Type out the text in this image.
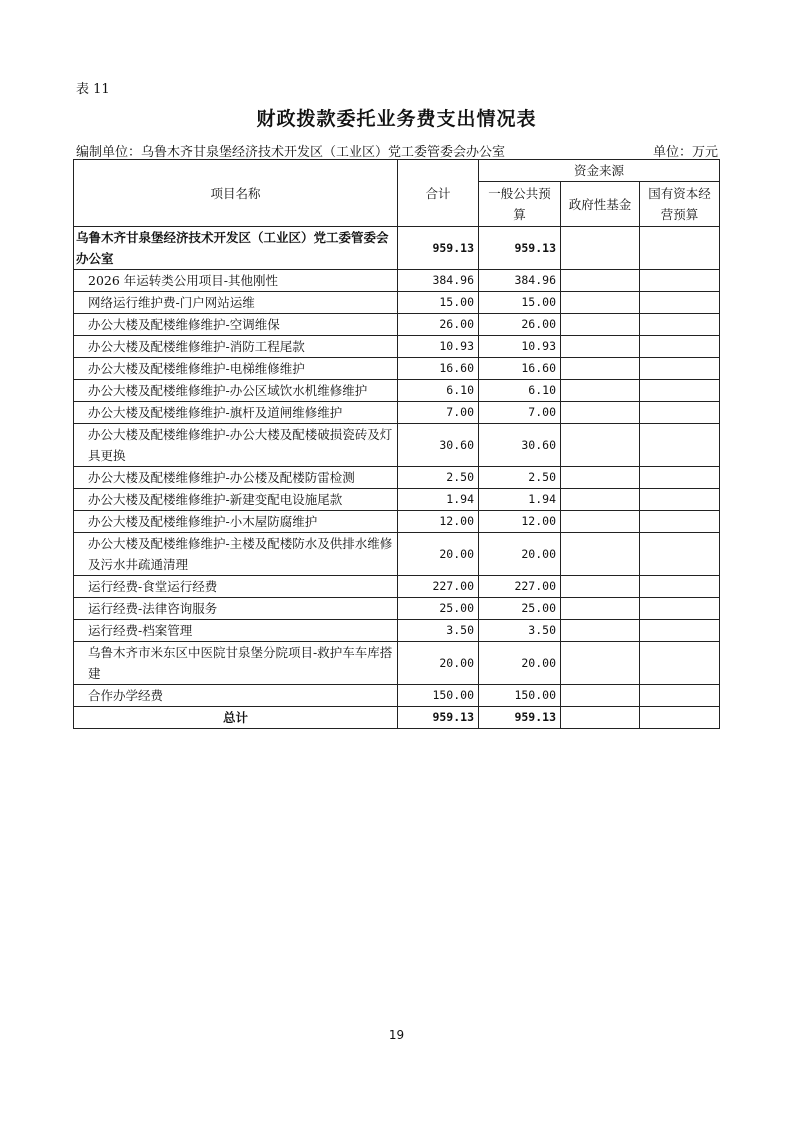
表 11
财政拨款委托业务费支出情况表
编制单位：乌鲁木齐甘泉堡经济技术开发区（工业区）党工委管委会办公室	单位：万元
项目名称	合计	资金来源		
		一般公共预算	政府性基金	国有资本经营预算
乌鲁木齐甘泉堡经济技术开发区（工业区）党工委管委会办公室	959.13	959.13		
2026 年运转类公用项目-其他刚性	384.96	384.96		
网络运行维护费-门户网站运维	15.00	15.00		
办公大楼及配楼维修维护-空调维保	26.00	26.00		
办公大楼及配楼维修维护-消防工程尾款	10.93	10.93		
办公大楼及配楼维修维护-电梯维修维护	16.60	16.60		
办公大楼及配楼维修维护-办公区域饮水机维修维护	6.10	6.10		
办公大楼及配楼维修维护-旗杆及道闸维修维护	7.00	7.00		
办公大楼及配楼维修维护-办公大楼及配楼破损瓷砖及灯具更换	30.60	30.60		
办公大楼及配楼维修维护-办公楼及配楼防雷检测	2.50	2.50		
办公大楼及配楼维修维护-新建变配电设施尾款	1.94	1.94		
办公大楼及配楼维修维护-小木屋防腐维护	12.00	12.00		
办公大楼及配楼维修维护-主楼及配楼防水及供排水维修及污水井疏通清理	20.00	20.00		
运行经费-食堂运行经费	227.00	227.00		
运行经费-法律咨询服务	25.00	25.00		
运行经费-档案管理	3.50	3.50		
乌鲁木齐市米东区中医院甘泉堡分院项目-救护车车库搭建	20.00	20.00		
合作办学经费	150.00	150.00		
总计	959.13	959.13		
19
